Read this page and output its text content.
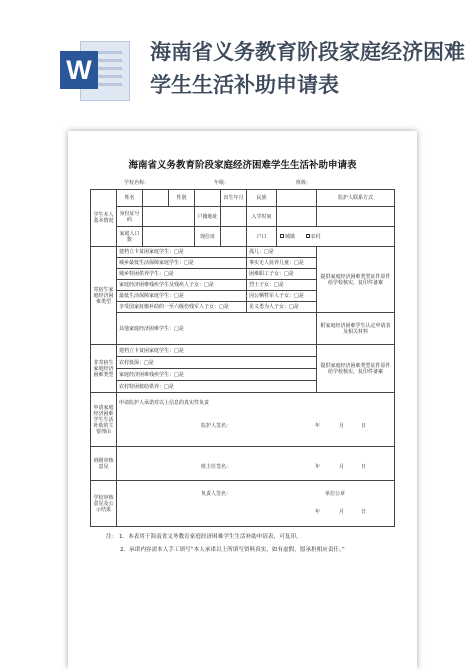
W
海南省义务教育阶段家庭经济困难学生生活补助申请表
海南省义务教育阶段家庭经济困难学生生活补助申请表
学校名称：	年级：	班级：
学生本人基本情况	姓名		性别		出生年月	民族		监护人联系方式
	身份证号码			户籍地址		入学时间		
	家庭人口数			现住址		户口	城镇 农村	
寄宿生家庭经济困难类型	建档立卡贫困家庭学生：□是					孤儿：□是		提供家庭经济困难类型证件原件给学校核实，复印件备案
	城乡最低生活保障家庭学生：□是					事实无人抚养儿童：□是		
	城乡特困供养学生：□是					困难职工子女：□是		
	家庭经济困难残疾学生及残疾人子女：□是					烈士子女：□是		
	最低生活保障家庭学生：□是					因公牺牲军人子女：□是		
	享受国家抚恤补助的一至六级伤残军人子女：□是					见义勇为人子女：□是		
	其他家庭经济困难学生：□是							附家庭经济困难学生认定申请表及相关材料
非寄宿生家庭经济困难类型	建档立卡贫困家庭学生：□是							提供家庭经济困难类型证件原件给学校核实，复印件备案
	农村低保：□是							
	家庭经济困难残疾学生：□是							
	农村特困救助供养：□是							
申请家庭经济困难学生生活补助的主要理由	申请监护人承诺对以上信息的真实性负责
监护人签名： 年 月 日							

班级审核意见	班主任签名： 年 月 日							

学校审核意见及公示结果	负责人签名： 单位公章
年 月 日							
注： 1．本表用于海南省义务教育家庭经济困难学生生活补助申请表，可复印。
2．承诺内容需本人手工填写“本人承诺以上所填写资料真实，如有虚假，愿承担相应责任。”
